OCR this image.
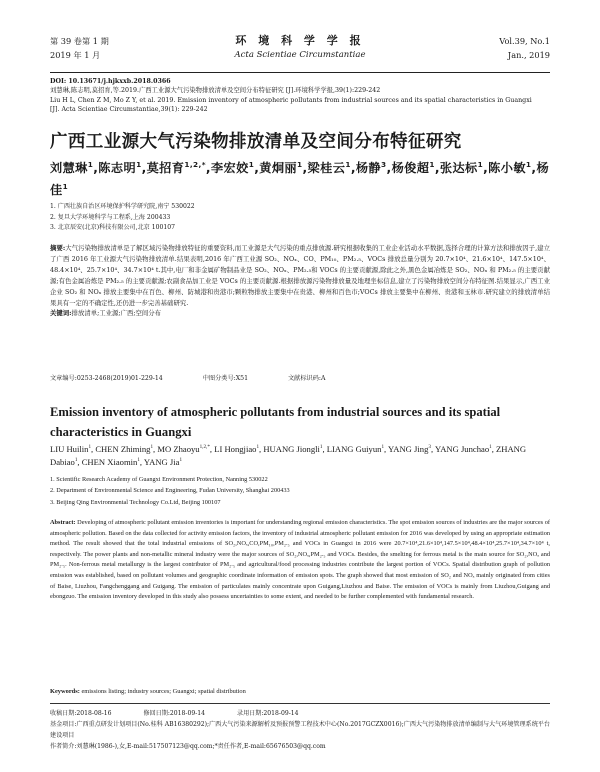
第 39 卷第 1 期
2019 年 1 月
环 境 科 学 学 报
Acta Scientiae Circumstantiae
Vol.39, No.1
Jan., 2019
DOI: 10.13671/j.hjkxxb.2018.0366
刘慧琳,陈志明,莫招育,等.2019.广西工业源大气污染物排放清单及空间分布特征研究 [J].环境科学学报,39(1):229-242
Liu H L, Chen Z M, Mo Z Y, et al. 2019. Emission inventory of atmospheric pollutants from industrial sources and its spatial characteristics in Guangxi
[J]. Acta Scientiae Circumstantiae,39(1): 229-242
广西工业源大气污染物排放清单及空间分布特征研究
刘慧琳$^1$,陈志明$^1$,莫招育$^{1,2,*}$,李宏姣$^1$,黄炯丽$^1$,梁桂云$^1$,杨静$^3$,杨俊超$^1$,张达标$^1$,陈小敏$^1$,杨佳$^1$
1. 广西壮族自治区环境保护科学研究院,南宁 530022
2. 复旦大学环境科学与工程系,上海 200433
3. 北京辰安(北京)科技有限公司,北京 100107
摘要:大气污染物排放清单是了解区域污染物排放特征的重要资料,而工业源是大气污染的重点排放源.研究根据收集的工业企业活动水平数据,选择合理的计算方法和排放因子,建立了广西 2016 年工业源大气污染物排放清单.结果表明,2016 年广西工业源 SO₂、NOₓ、CO、PM₁₀、PM₂.₅、VOCs 排放总量分别为 20.7×10⁴、21.6×10⁴、147.5×10⁴、48.4×10⁴、25.7×10⁴、34.7×10⁴ t.其中,电厂和非金属矿物制品业是 SO₂、NOₓ、PM₂.₅和 VOCs 的主要贡献源,除此之外,黑色金属冶炼是 SO₂、NOₓ 和 PM₂.₅ 的主要贡献源;有色金属冶炼是 PM₂.₅ 的主要贡献源;农副食品加工业是 VOCs 的主要贡献源.根据排放源污染物排放量及地理坐标信息,建立了污染物排放空间分布特征图.结果显示,广西工业企业 SO₂ 和 NOₓ 排放主要集中在百色、柳州、防城港和贵港市;颗粒物排放主要集中在贵港、柳州和百色市;VOCs 排放主要集中在柳州、贵港和玉林市.研究建立的排放清单结果具有一定的不确定性,还仍进一步完善基础研究.
关键词:排放清单;工业源;广西;空间分布
文章编号:0253-2468(2019)01-229-14	中图分类号:X51	文献标识码:A
Emission inventory of atmospheric pollutants from industrial sources and its spatial characteristics in Guangxi
LIU Huilin$^1$, CHEN Zhiming$^1$, MO Zhaoyu$^{1,2,*}$, LI Hongjiao$^1$, HUANG Jiongli$^1$, LIANG Guiyun$^1$, YANG Jing$^3$, YANG Junchao$^1$, ZHANG Dabiao$^1$, CHEN Xiaomin$^1$, YANG Jia$^1$
1. Scientific Research Academy of Guangxi Environment Protection, Nanning 530022
2. Department of Environmental Science and Engineering, Fudan University, Shanghai 200433
3. Beijing Qing Environmental Technology Co.Ltd, Beijing 100107
Abstract: Developing of atmospheric pollutant emission inventories is important for understanding regional emission characteristics. The spot emission sources of industries are the major sources of atmospheric pollution. Based on the data collected for activity emission factors, the inventory of industrial atmospheric pollutant emission for 2016 was developed by using an appropriate estimation method. The result showed that the total industrial emissions of SO₂,NOₓ,CO,PM₁₀,PM₂.₅ and VOCs in Guangxi in 2016 were 20.7×10⁴,21.6×10⁴,147.5×10⁴,48.4×10⁴,25.7×10⁴,34.7×10⁴ t, respectively. The power plants and non-metallic mineral industry were the major sources of SO₂,NOₓ,PM₂.₅ and VOCs. Besides, the smelting for ferrous metal is the main source for SO₂,NOₓ and PM₂.₅. Non-ferrous metal metallurgy is the largest contributor of PM₂.₅ and agricultural/food processing industries contribute the largest portion of VOCs. Spatial distribution graph of pollution emission was established, based on pollutant volumes and geographic coordinate information of emission spots. The graph showed that most emission of SO₂ and NOₓ mainly originated from cities of Baise, Liuzhou, Fangchenggang and Guigang. The emission of particulates mainly concentrate upon Guigang,Liuzhou and Baise. The emission of VOCs is mainly from Liuzhou,Guigang and ebongzuo. The emission inventory developed in this study also possess uncertainties to some extent, and needed to be further complemented with fundamental research.
Keywords: emissions listing; industry sources; Guangxi; spatial distribution
收稿日期:2018-08-16	修回日期:2018-09-14	录用日期:2018-09-14
基金项目:广西重点研发计划项目(No.桂科 AB16380292);广西大气污染来源解析及预报预警工程技术中心(No.2017GCZX0016);广西大气污染物排放清单编制与大气环境管理系统平台建设项目
作者简介:刘慧琳(1986-),女,E-mail:517507123@qq.com;*责任作者,E-mail:65676503@qq.com
